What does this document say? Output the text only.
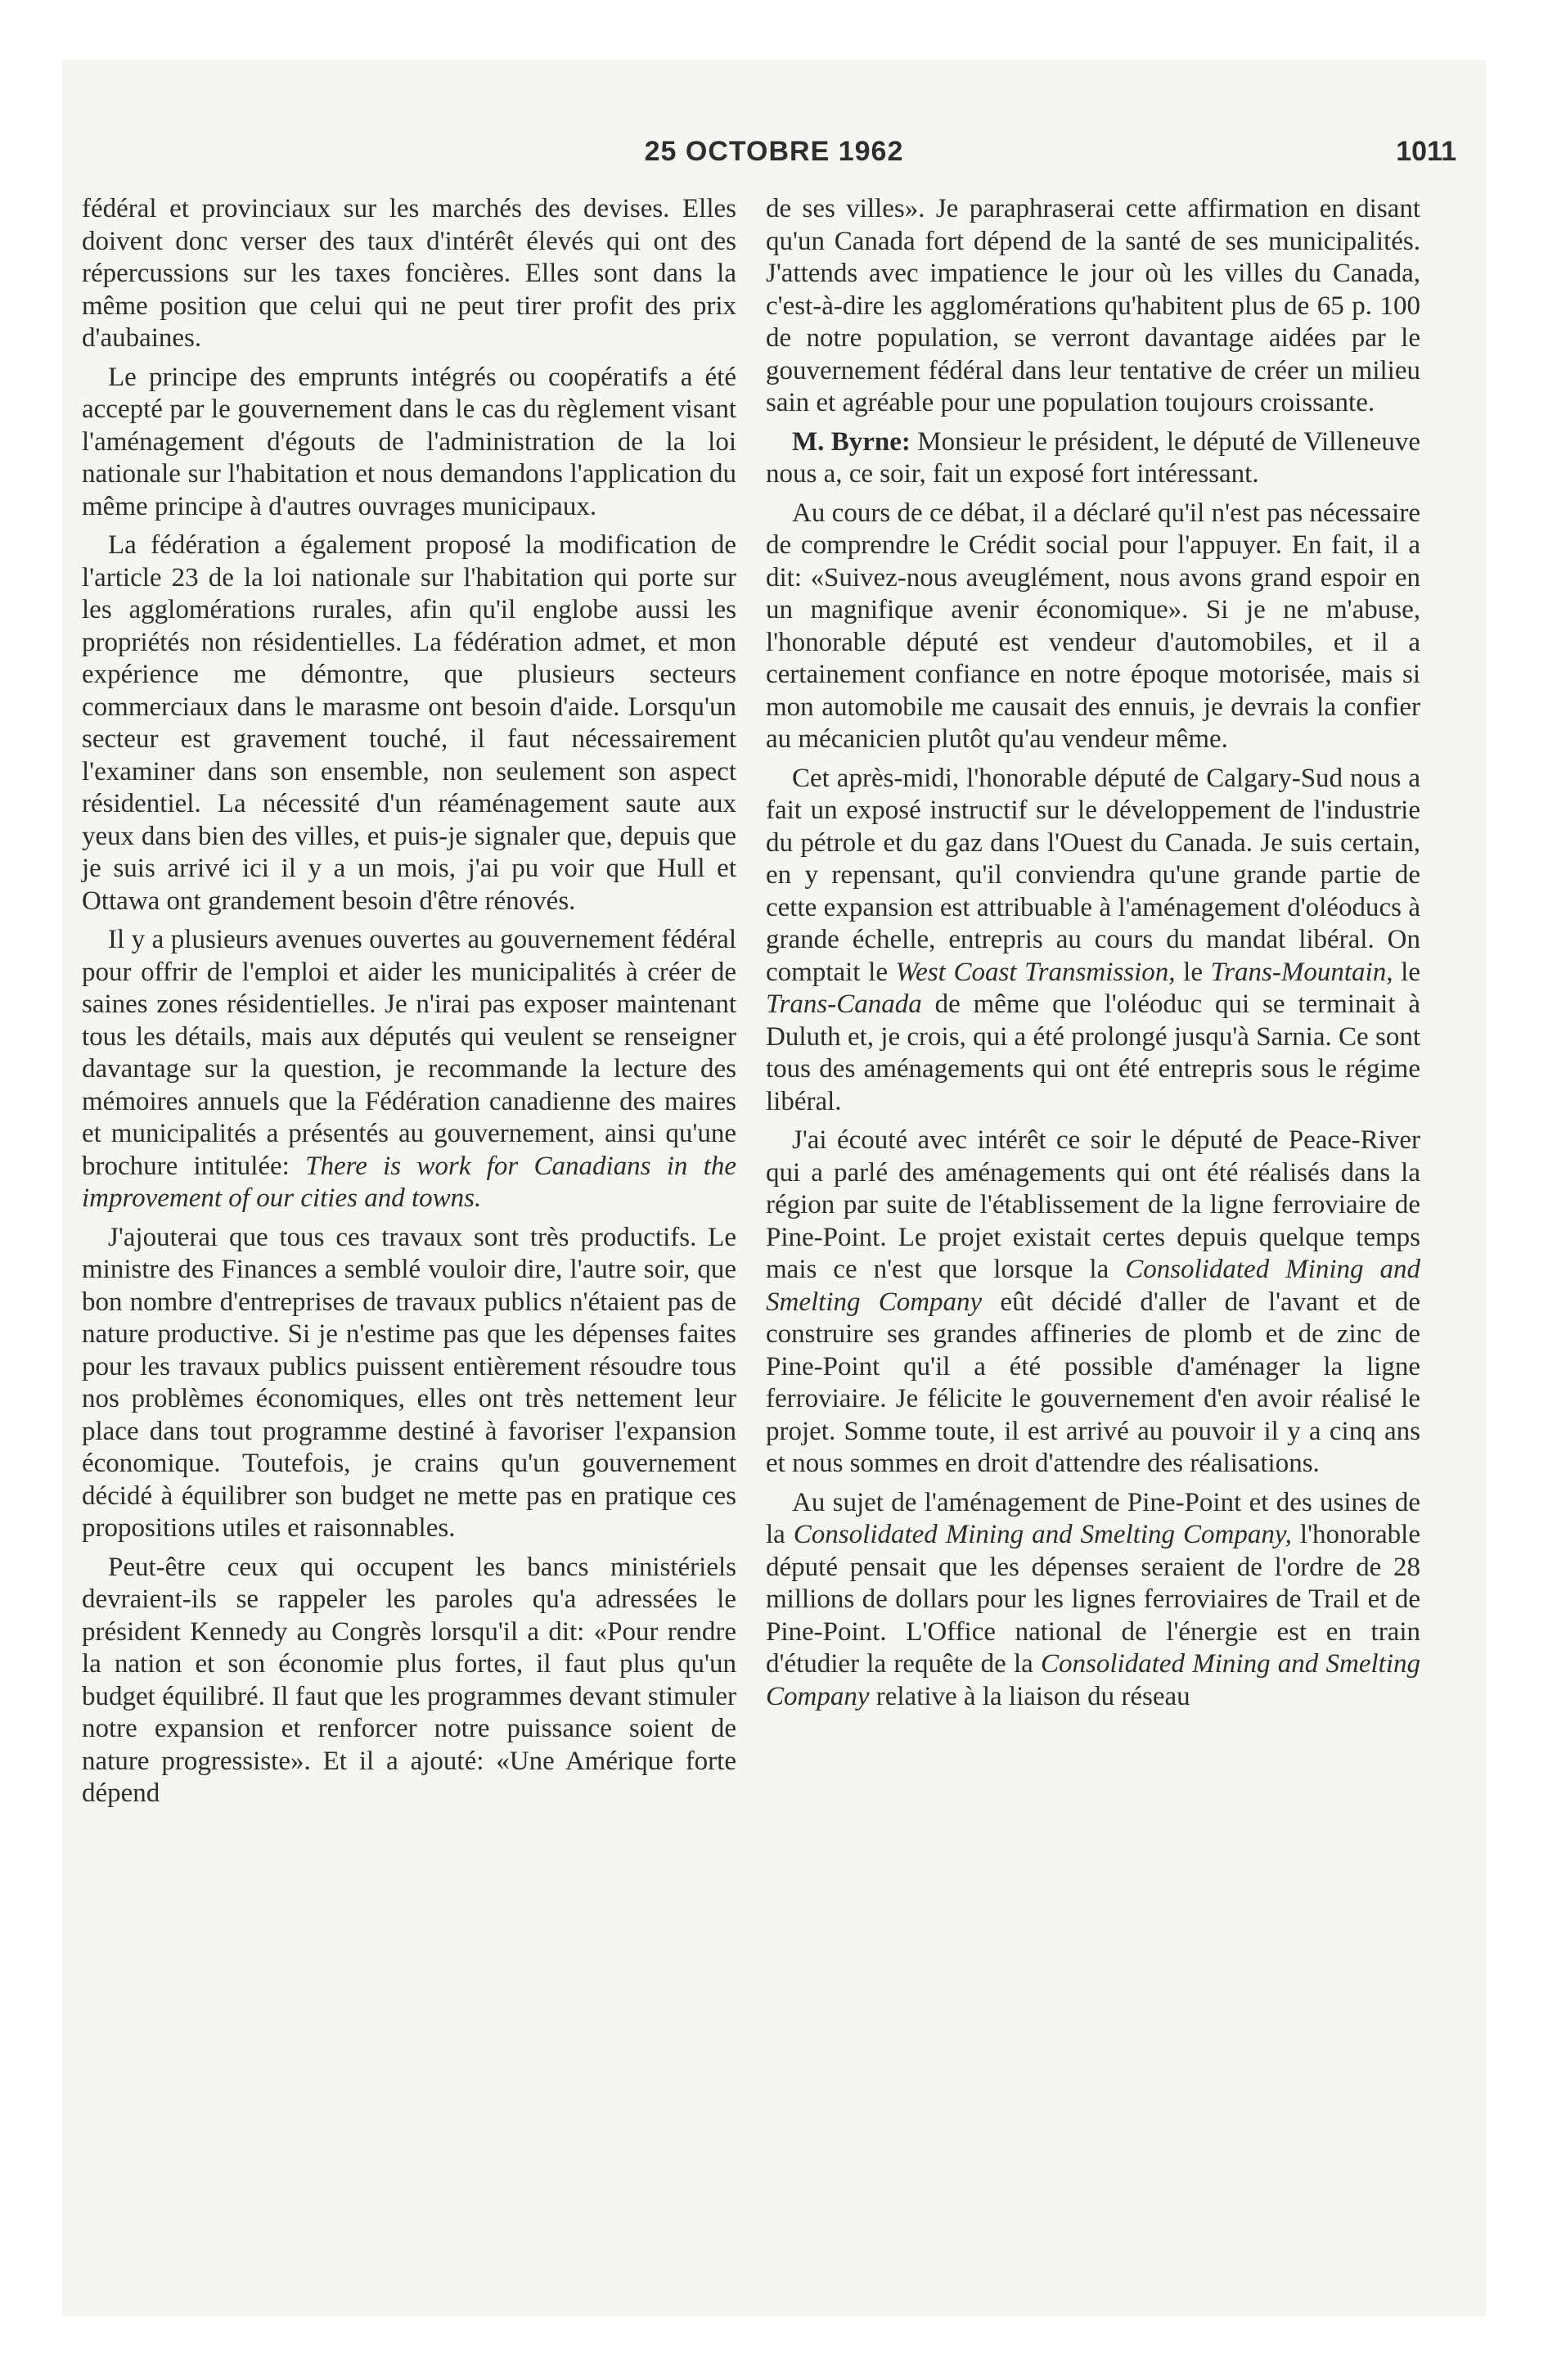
25 OCTOBRE 1962	1011

fédéral et provinciaux sur les marchés des devises. Elles doivent donc verser des taux d'intérêt élevés qui ont des répercussions sur les taxes foncières. Elles sont dans la même position que celui qui ne peut tirer profit des prix d'aubaines.

Le principe des emprunts intégrés ou coopératifs a été accepté par le gouvernement dans le cas du règlement visant l'aménagement d'égouts de l'administration de la loi nationale sur l'habitation et nous demandons l'application du même principe à d'autres ouvrages municipaux.

La fédération a également proposé la modification de l'article 23 de la loi nationale sur l'habitation qui porte sur les agglomérations rurales, afin qu'il englobe aussi les propriétés non résidentielles. La fédération admet, et mon expérience me démontre, que plusieurs secteurs commerciaux dans le marasme ont besoin d'aide. Lorsqu'un secteur est gravement touché, il faut nécessairement l'examiner dans son ensemble, non seulement son aspect résidentiel. La nécessité d'un réaménagement saute aux yeux dans bien des villes, et puis-je signaler que, depuis que je suis arrivé ici il y a un mois, j'ai pu voir que Hull et Ottawa ont grandement besoin d'être rénovés.

Il y a plusieurs avenues ouvertes au gouvernement fédéral pour offrir de l'emploi et aider les municipalités à créer de saines zones résidentielles. Je n'irai pas exposer maintenant tous les détails, mais aux députés qui veulent se renseigner davantage sur la question, je recommande la lecture des mémoires annuels que la Fédération canadienne des maires et municipalités a présentés au gouvernement, ainsi qu'une brochure intitulée: There is work for Canadians in the improvement of our cities and towns.

J'ajouterai que tous ces travaux sont très productifs. Le ministre des Finances a semblé vouloir dire, l'autre soir, que bon nombre d'entreprises de travaux publics n'étaient pas de nature productive. Si je n'estime pas que les dépenses faites pour les travaux publics puissent entièrement résoudre tous nos problèmes économiques, elles ont très nettement leur place dans tout programme destiné à favoriser l'expansion économique. Toutefois, je crains qu'un gouvernement décidé à équilibrer son budget ne mette pas en pratique ces propositions utiles et raisonnables.

Peut-être ceux qui occupent les bancs ministériels devraient-ils se rappeler les paroles qu'a adressées le président Kennedy au Congrès lorsqu'il a dit: «Pour rendre la nation et son économie plus fortes, il faut plus qu'un budget équilibré. Il faut que les programmes devant stimuler notre expansion et renforcer notre puissance soient de nature progressiste». Et il a ajouté: «Une Amérique forte dépend

de ses villes». Je paraphraserai cette affirmation en disant qu'un Canada fort dépend de la santé de ses municipalités. J'attends avec impatience le jour où les villes du Canada, c'est-à-dire les agglomérations qu'habitent plus de 65 p. 100 de notre population, se verront davantage aidées par le gouvernement fédéral dans leur tentative de créer un milieu sain et agréable pour une population toujours croissante.

M. Byrne: Monsieur le président, le député de Villeneuve nous a, ce soir, fait un exposé fort intéressant.

Au cours de ce débat, il a déclaré qu'il n'est pas nécessaire de comprendre le Crédit social pour l'appuyer. En fait, il a dit: «Suivez-nous aveuglément, nous avons grand espoir en un magnifique avenir économique». Si je ne m'abuse, l'honorable député est vendeur d'automobiles, et il a certainement confiance en notre époque motorisée, mais si mon automobile me causait des ennuis, je devrais la confier au mécanicien plutôt qu'au vendeur même.

Cet après-midi, l'honorable député de Calgary-Sud nous a fait un exposé instructif sur le développement de l'industrie du pétrole et du gaz dans l'Ouest du Canada. Je suis certain, en y repensant, qu'il conviendra qu'une grande partie de cette expansion est attribuable à l'aménagement d'oléoducs à grande échelle, entrepris au cours du mandat libéral. On comptait le West Coast Transmission, le Trans-Mountain, le Trans-Canada de même que l'oléoduc qui se terminait à Duluth et, je crois, qui a été prolongé jusqu'à Sarnia. Ce sont tous des aménagements qui ont été entrepris sous le régime libéral.

J'ai écouté avec intérêt ce soir le député de Peace-River qui a parlé des aménagements qui ont été réalisés dans la région par suite de l'établissement de la ligne ferroviaire de Pine-Point. Le projet existait certes depuis quelque temps mais ce n'est que lorsque la Consolidated Mining and Smelting Company eût décidé d'aller de l'avant et de construire ses grandes affineries de plomb et de zinc de Pine-Point qu'il a été possible d'aménager la ligne ferroviaire. Je félicite le gouvernement d'en avoir réalisé le projet. Somme toute, il est arrivé au pouvoir il y a cinq ans et nous sommes en droit d'attendre des réalisations.

Au sujet de l'aménagement de Pine-Point et des usines de la Consolidated Mining and Smelting Company, l'honorable député pensait que les dépenses seraient de l'ordre de 28 millions de dollars pour les lignes ferroviaires de Trail et de Pine-Point. L'Office national de l'énergie est en train d'étudier la requête de la Consolidated Mining and Smelting Company relative à la liaison du réseau
